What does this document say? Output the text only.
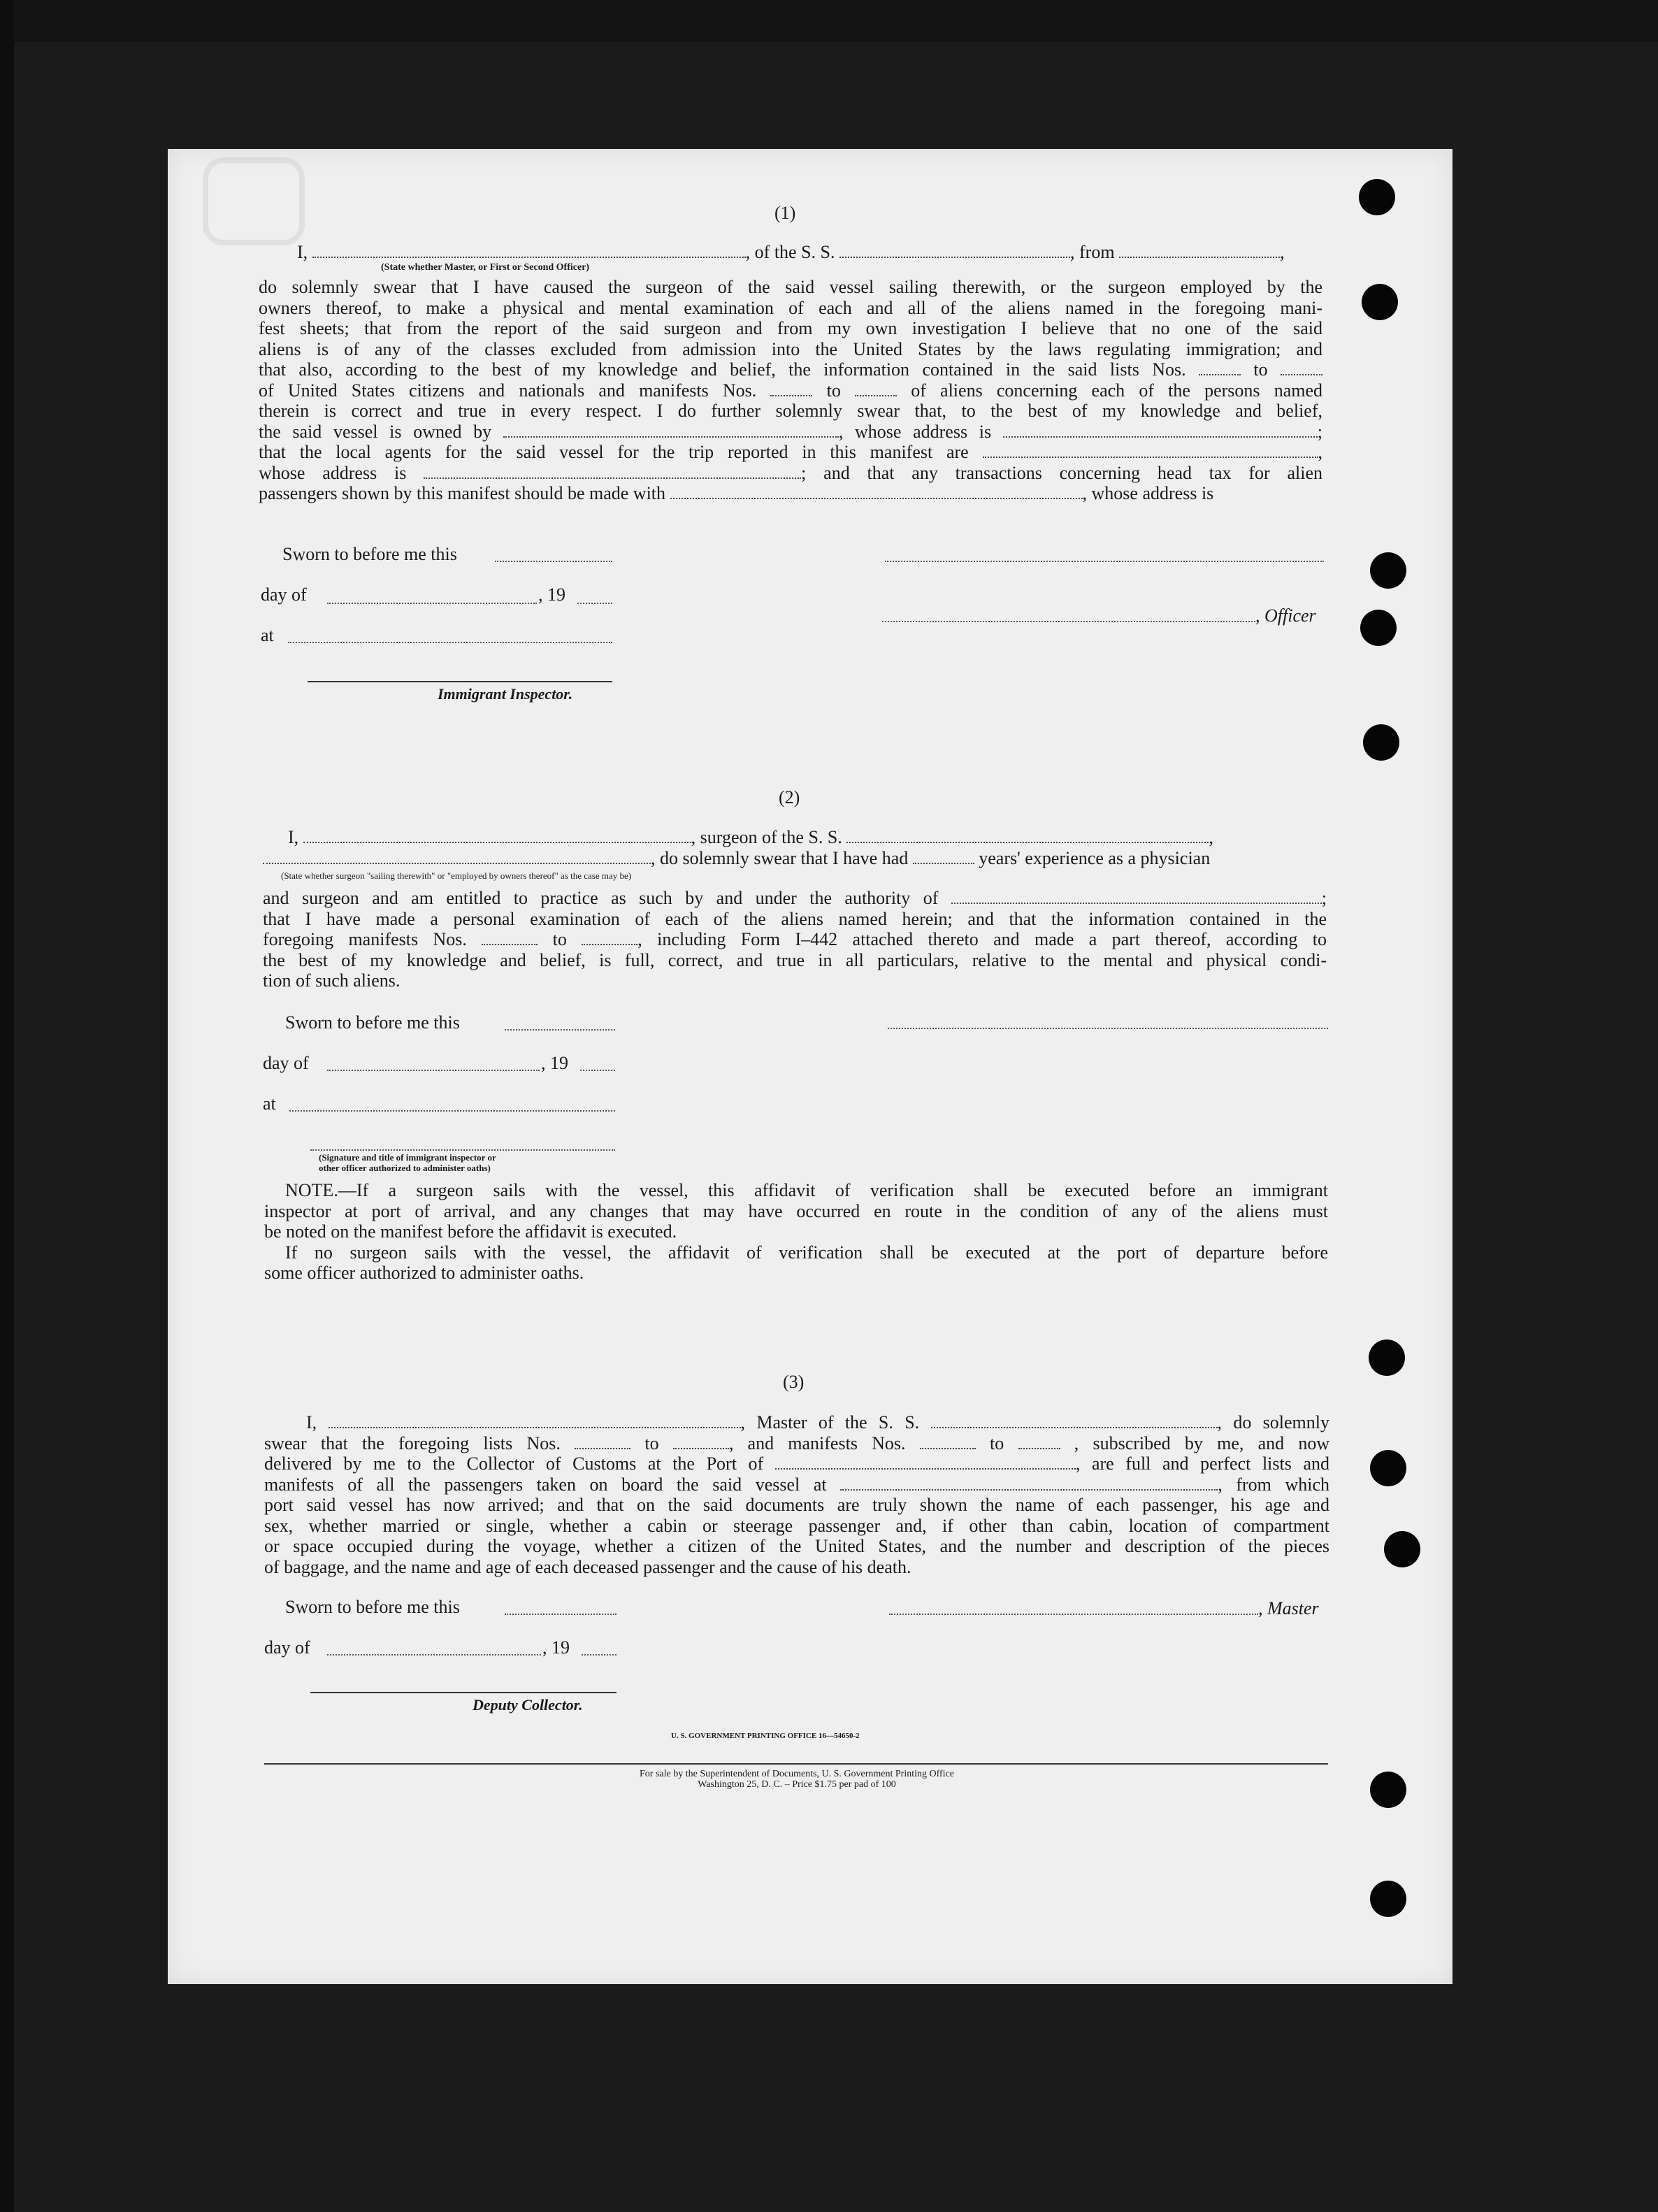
(1)
I,	, of the S. S.	, from	,
(State whether Master, or First or Second Officer)
do solemnly swear that I have caused the surgeon of the said vessel sailing therewith, or the surgeon employed by the
owners thereof, to make a physical and mental examination of each and all of the aliens named in the foregoing mani-
fest sheets; that from the report of the said surgeon and from my own investigation I believe that no one of the said
aliens is of any of the classes excluded from admission into the United States by the laws regulating immigration; and
that also, according to the best of my knowledge and belief, the information contained in the said lists Nos.	to
of United States citizens and nationals and manifests Nos.	to	of aliens concerning each of the persons named
therein is correct and true in every respect. I do further solemnly swear that, to the best of my knowledge and belief,
the said vessel is owned by	, whose address is	;
that the local agents for the said vessel for the trip reported in this manifest are	,
whose address is	; and that any transactions concerning head tax for alien
passengers shown by this manifest should be made with	, whose address is
Sworn to before me this
day of	, 19
, Officer
at
Immigrant Inspector.
(2)
I,	, surgeon of the S. S.	,
, do solemnly swear that I have had	years' experience as a physician
(State whether surgeon "sailing therewith" or "employed by owners thereof" as the case may be)
and surgeon and am entitled to practice as such by and under the authority of	;
that I have made a personal examination of each of the aliens named herein; and that the information contained in the
foregoing manifests Nos.	to	, including Form I–442 attached thereto and made a part thereof, according to
the best of my knowledge and belief, is full, correct, and true in all particulars, relative to the mental and physical condi-
tion of such aliens.
Sworn to before me this
day of	, 19
at
(Signature and title of immigrant inspector or
other officer authorized to administer oaths)
NOTE.—If a surgeon sails with the vessel, this affidavit of verification shall be executed before an immigrant
inspector at port of arrival, and any changes that may have occurred en route in the condition of any of the aliens must
be noted on the manifest before the affidavit is executed.
If no surgeon sails with the vessel, the affidavit of verification shall be executed at the port of departure before
some officer authorized to administer oaths.
(3)
I,	, Master of the S. S.	, do solemnly
swear that the foregoing lists Nos.	to	, and manifests Nos.	to	, subscribed by me, and now
delivered by me to the Collector of Customs at the Port of	, are full and perfect lists and
manifests of all the passengers taken on board the said vessel at	, from which
port said vessel has now arrived; and that on the said documents are truly shown the name of each passenger, his age and
sex, whether married or single, whether a cabin or steerage passenger and, if other than cabin, location of compartment
or space occupied during the voyage, whether a citizen of the United States, and the number and description of the pieces
of baggage, and the name and age of each deceased passenger and the cause of his death.
Sworn to before me this	, Master
day of	, 19
Deputy Collector.
U. S. GOVERNMENT PRINTING OFFICE 16—54650-2
For sale by the Superintendent of Documents, U. S. Government Printing Office
Washington 25, D. C. – Price $1.75 per pad of 100
